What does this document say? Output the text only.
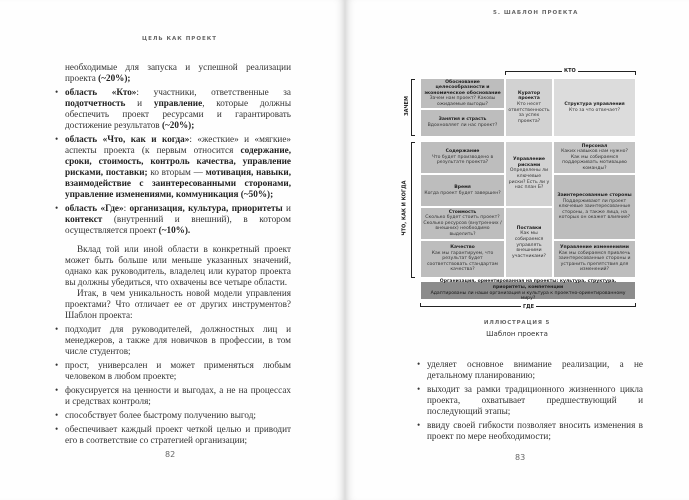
ЦЕЛЬ КАК ПРОЕКТ

необходимые для запуска и успешной реализации проекта (~20%);

• область «Кто»: участники, ответственные за подотчетность и управление, которые должны обеспечить проект ресурсами и гарантировать достижение результатов (~20%);
• область «Что, как и когда»: «жесткие» и «мягкие» аспекты проекта (к первым относится содержание, сроки, стоимость, контроль качества, управление рисками, поставки; ко вторым — мотивация, навыки, взаимодействие с заинтересованными сторонами, управление изменениями, коммуникация (~50%);
• область «Где»: организация, культура, приоритеты и контекст (внутренний и внешний), в котором осуществляется проект (~10%).

Вклад той или иной области в конкретный проект может быть больше или меньше указанных значений, однако как руководитель, владелец или куратор проекта вы должны убедиться, что охвачены все четыре области.

Итак, в чем уникальность новой модели управления проектами? Что отличает ее от других инструментов? Шаблон проекта:

• подходит для руководителей, должностных лиц и менеджеров, а также для новичков в профессии, в том числе студентов;
• прост, универсален и может применяться любым человеком в любом проекте;
• фокусируется на ценности и выгодах, а не на процессах и средствах контроля;
• способствует более быстрому получению выгод;
• обеспечивает каждый проект четкой целью и приводит его в соответствие со стратегией организации;
82
5. ШАБЛОН ПРОЕКТА
КТО
ЗАЧЕМ
ЧТО, КАК И КОГДА
ГДЕ
Обоснование целесообразности и экономическое обоснование
Зачем нам проект? Каковы ожидаемые выгоды?
Занятия и страсть
Вдохновляет ли нас проект?
Куратор проекта
Кто несет ответственность за успех проекта?
Структура управления
Кто за что отвечает?
Содержание
Что будет производено в результате проекта?
Время
Когда проект будет завершен?
Стоимость
Сколько будет стоить проект? Сколько ресурсов (внутренних / внешних) необходимо выделить?
Качество
Как мы гарантируем, что результат будет соответствовать стандартам качества?
Управление рисками
Определены ли ключевые риски? Есть ли у нас план Б?
Поставки
Как мы собираемся управлять внешними участниками?
Персонал
Каких навыков нам нужно? Как мы собираемся поддерживать мотивацию команды?
Заинтересованные стороны
Поддерживают ли проект ключевые заинтересованные стороны, а также лица, на которых он окажет влияние?
Управление изменениями
Как мы собираемся привлечь заинтересованные стороны и устранить препятствия для изменений?
Организация, ориентированная на проекты: культура, структура, приоритеты, компетенции
Адаптированы ли наши организация и культура к проектно-ориентированному миру?
ИЛЛЮСТРАЦИЯ 5
Шаблон проекта
• уделяет основное внимание реализации, а не детальному планированию;
• выходит за рамки традиционного жизненного цикла проекта, охватывает предшествующий и последующий этапы;
• ввиду своей гибкости позволяет вносить изменения в проект по мере необходимости;
83
